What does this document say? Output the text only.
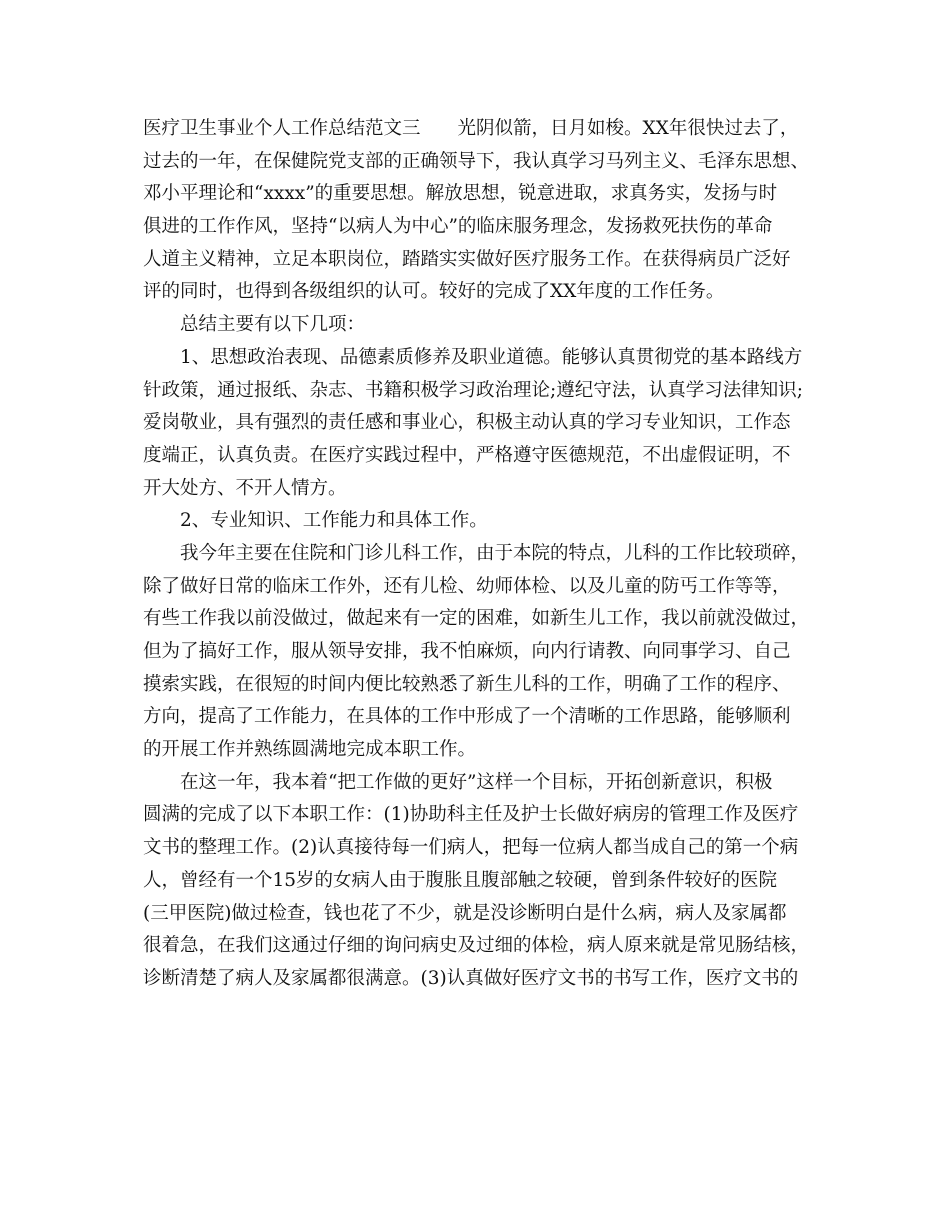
医疗卫生事业个人工作总结范文三　　光阴似箭，日月如梭。XX年很快过去了，
过去的一年，在保健院党支部的正确领导下，我认真学习马列主义、毛泽东思想、
邓小平理论和“xxxx”的重要思想。解放思想，锐意进取，求真务实，发扬与时
俱进的工作作风，坚持“以病人为中心”的临床服务理念，发扬救死扶伤的革命
人道主义精神，立足本职岗位，踏踏实实做好医疗服务工作。在获得病员广泛好
评的同时，也得到各级组织的认可。较好的完成了XX年度的工作任务。
总结主要有以下几项：
1、思想政治表现、品德素质修养及职业道德。能够认真贯彻党的基本路线方
针政策，通过报纸、杂志、书籍积极学习政治理论;遵纪守法，认真学习法律知识;
爱岗敬业，具有强烈的责任感和事业心，积极主动认真的学习专业知识，工作态
度端正，认真负责。在医疗实践过程中，严格遵守医德规范，不出虚假证明，不
开大处方、不开人情方。
2、专业知识、工作能力和具体工作。
我今年主要在住院和门诊儿科工作，由于本院的特点，儿科的工作比较琐碎，
除了做好日常的临床工作外，还有儿检、幼师体检、以及儿童的防丐工作等等，
有些工作我以前没做过，做起来有一定的困难，如新生儿工作，我以前就没做过，
但为了搞好工作，服从领导安排，我不怕麻烦，向内行请教、向同事学习、自己
摸索实践，在很短的时间内便比较熟悉了新生儿科的工作，明确了工作的程序、
方向，提高了工作能力，在具体的工作中形成了一个清晰的工作思路，能够顺利
的开展工作并熟练圆满地完成本职工作。
在这一年，我本着“把工作做的更好”这样一个目标，开拓创新意识，积极
圆满的完成了以下本职工作：(1)协助科主任及护士长做好病房的管理工作及医疗
文书的整理工作。(2)认真接待每一们病人，把每一位病人都当成自己的第一个病
人，曾经有一个15岁的女病人由于腹胀且腹部触之较硬，曾到条件较好的医院
(三甲医院)做过检查，钱也花了不少，就是没诊断明白是什么病，病人及家属都
很着急，在我们这通过仔细的询问病史及过细的体检，病人原来就是常见肠结核，
诊断清楚了病人及家属都很满意。(3)认真做好医疗文书的书写工作，医疗文书的
